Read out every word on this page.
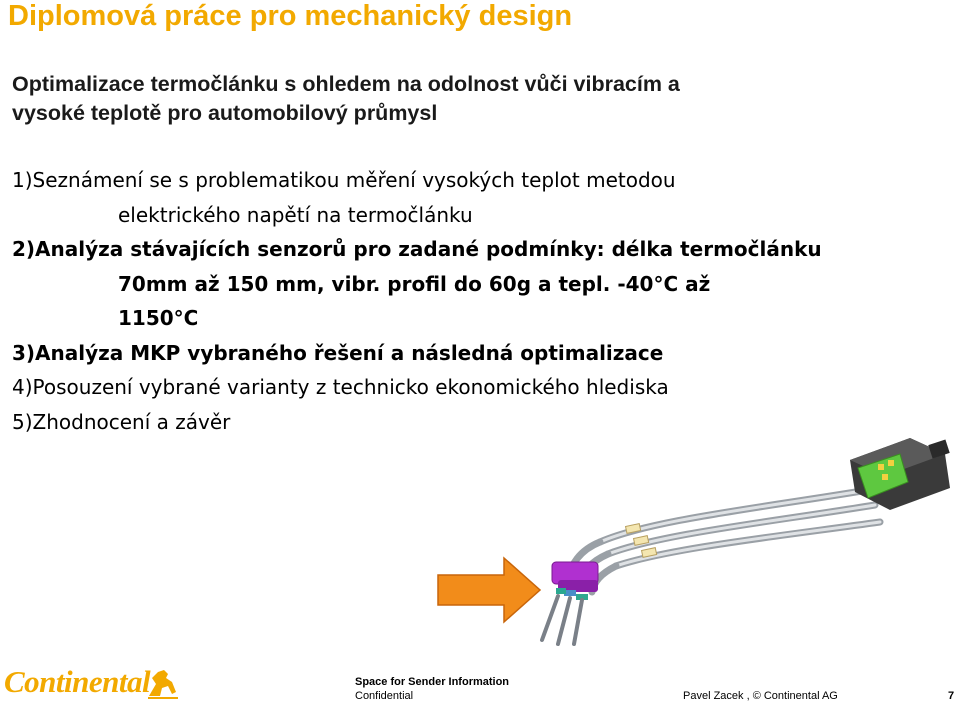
Diplomová práce pro mechanický design
Optimalizace termočlánku s ohledem na odolnost vůči vibracím a
vysoké teplotě pro automobilový průmysl
1)Seznámení se s problematikou měření vysokých teplot metodou
elektrického napětí na termočlánku
2)Analýza stávajících senzorů pro zadané podmínky: délka termočlánku
70mm až 150 mm, vibr. profil do 60g a tepl. -40°C až
1150°C
3)Analýza MKP vybraného řešení a následná optimalizace
4)Posouzení vybrané varianty z technicko ekonomického hlediska
5)Zhodnocení a závěr
Continental	Space for Sender Information
Confidential	Pavel Zacek , © Continental AG	7
